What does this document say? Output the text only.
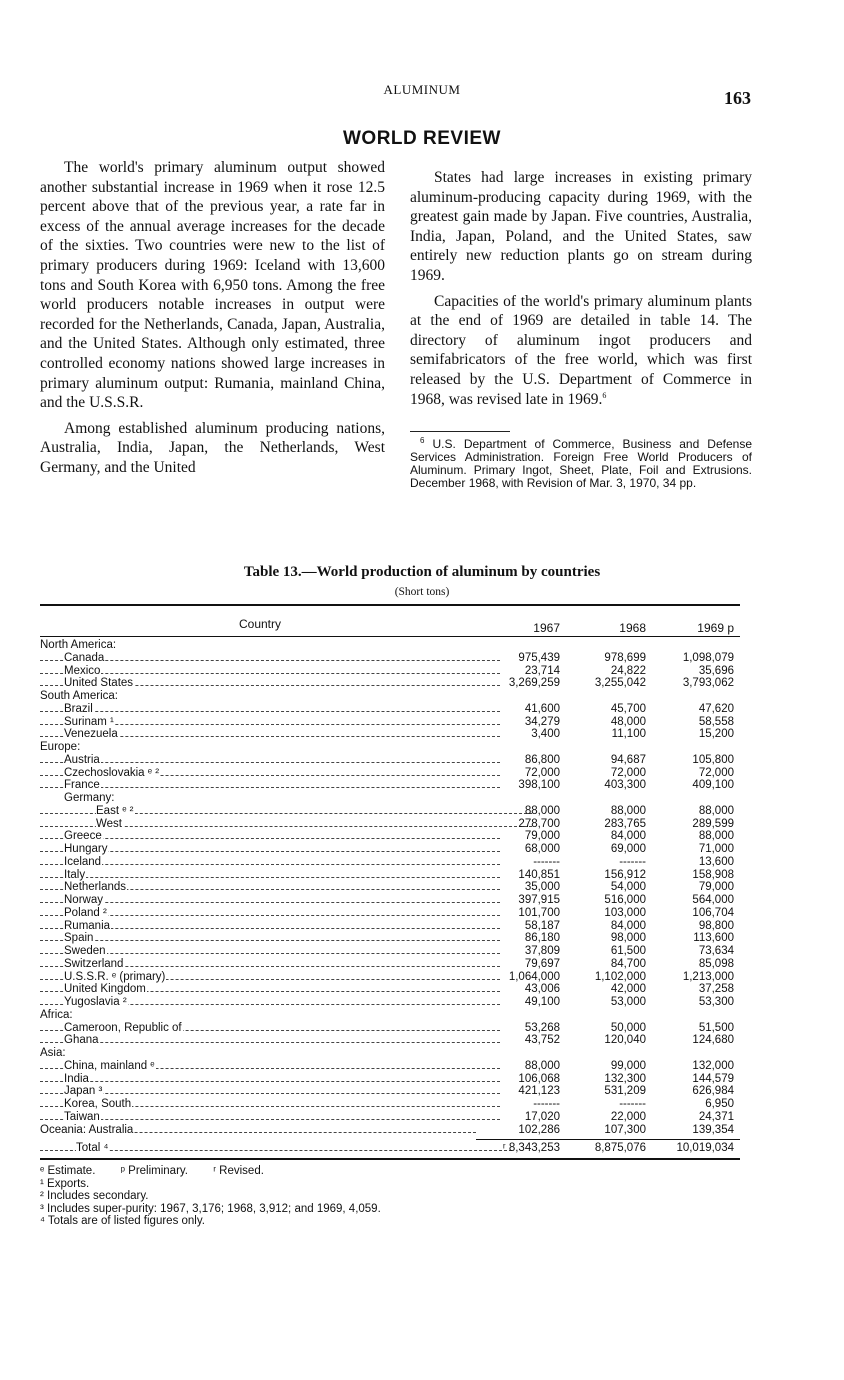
ALUMINUM	163
WORLD REVIEW

The world's primary aluminum output showed another substantial increase in 1969 when it rose 12.5 percent above that of the previous year, a rate far in excess of the annual average increases for the decade of the sixties. Two countries were new to the list of primary producers during 1969: Iceland with 13,600 tons and South Korea with 6,950 tons. Among the free world producers notable increases in output were recorded for the Netherlands, Canada, Japan, Australia, and the United States. Although only estimated, three controlled economy nations showed large increases in primary aluminum output: Rumania, mainland China, and the U.S.S.R.

Among established aluminum producing nations, Australia, India, Japan, the Netherlands, West Germany, and the United

States had large increases in existing primary aluminum-producing capacity during 1969, with the greatest gain made by Japan. Five countries, Australia, India, Japan, Poland, and the United States, saw entirely new reduction plants go on stream during 1969.

Capacities of the world's primary aluminum plants at the end of 1969 are detailed in table 14. The directory of aluminum ingot producers and semifabricators of the free world, which was first released by the U.S. Department of Commerce in 1968, was revised late in 1969.$^6$

$^6$ U.S. Department of Commerce, Business and Defense Services Administration. Foreign Free World Producers of Aluminum. Primary Ingot, Sheet, Plate, Foil and Extrusions. December 1968, with Revision of Mar. 3, 1970, 34 pp.
Table 13.—World production of aluminum by countries
(Short tons)
Country	1967	1968	1969 p
North America:
Canada	975,439	978,699	1,098,079
Mexico	23,714	24,822	35,696
United States	3,269,259	3,255,042	3,793,062
South America:
Brazil	41,600	45,700	47,620
Surinam ¹	34,279	48,000	58,558
Venezuela	3,400	11,100	15,200
Europe:
Austria	86,800	94,687	105,800
Czechoslovakia ᵉ ²	72,000	72,000	72,000
France	398,100	403,300	409,100
Germany:
East ᵉ ²	88,000	88,000	88,000
West	278,700	283,765	289,599
Greece	79,000	84,000	88,000
Hungary	68,000	69,000	71,000
Iceland	-------	-------	13,600
Italy	140,851	156,912	158,908
Netherlands	35,000	54,000	79,000
Norway	397,915	516,000	564,000
Poland ²	101,700	103,000	106,704
Rumania	58,187	84,000	98,800
Spain	86,180	98,000	113,600
Sweden	37,809	61,500	73,634
Switzerland	79,697	84,700	85,098
U.S.S.R. ᵉ (primary)	1,064,000	1,102,000	1,213,000
United Kingdom	43,006	42,000	37,258
Yugoslavia ²	49,100	53,000	53,300
Africa:
Cameroon, Republic of	53,268	50,000	51,500
Ghana	43,752	120,040	124,680
Asia:
China, mainland ᵉ	88,000	99,000	132,000
India	106,068	132,300	144,579
Japan ³	421,123	531,209	626,984
Korea, South	-------	-------	6,950
Taiwan	17,020	22,000	24,371
Oceania: Australia	102,286	107,300	139,354
Total ⁴	ʳ 8,343,253	8,875,076	10,019,034
ᵉ Estimate. ᵖ Preliminary. ʳ Revised.
¹ Exports.
² Includes secondary.
³ Includes super-purity: 1967, 3,176; 1968, 3,912; and 1969, 4,059.
⁴ Totals are of listed figures only.
